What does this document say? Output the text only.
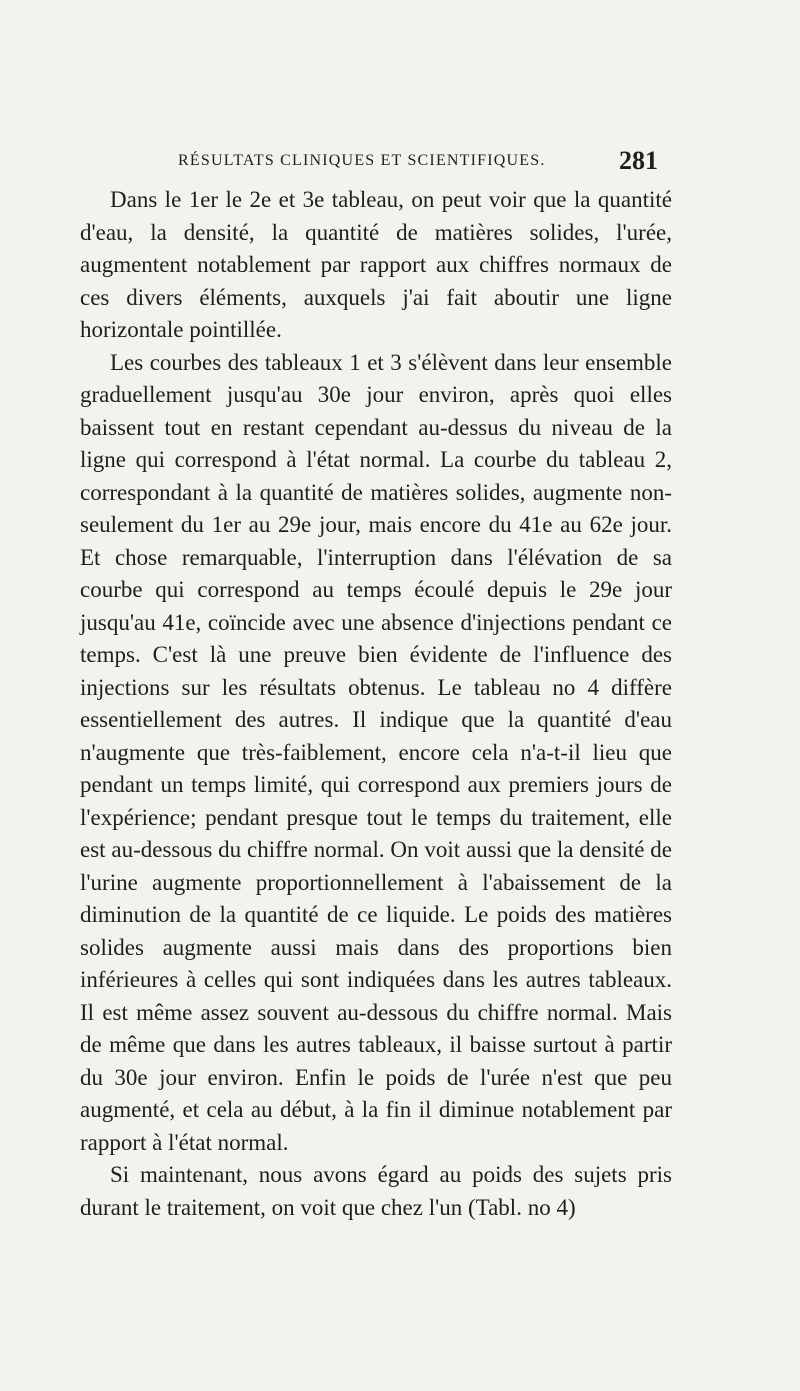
RÉSULTATS CLINIQUES ET SCIENTIFIQUES.	281

Dans le 1er le 2e et 3e tableau, on peut voir que la quantité d'eau, la densité, la quantité de matières solides, l'urée, augmentent notablement par rapport aux chiffres normaux de ces divers éléments, auxquels j'ai fait aboutir une ligne horizontale pointillée.

Les courbes des tableaux 1 et 3 s'élèvent dans leur ensemble graduellement jusqu'au 30e jour environ, après quoi elles baissent tout en restant cependant au-dessus du niveau de la ligne qui correspond à l'état normal. La courbe du tableau 2, correspondant à la quantité de matières solides, augmente non-seulement du 1er au 29e jour, mais encore du 41e au 62e jour. Et chose remarquable, l'interruption dans l'élévation de sa courbe qui correspond au temps écoulé depuis le 29e jour jusqu'au 41e, coïncide avec une absence d'injections pendant ce temps. C'est là une preuve bien évidente de l'influence des injections sur les résultats obtenus. Le tableau no 4 diffère essentiellement des autres. Il indique que la quantité d'eau n'augmente que très-faiblement, encore cela n'a-t-il lieu que pendant un temps limité, qui correspond aux premiers jours de l'expérience; pendant presque tout le temps du traitement, elle est au-dessous du chiffre normal. On voit aussi que la densité de l'urine augmente proportionnellement à l'abaissement de la diminution de la quantité de ce liquide. Le poids des matières solides augmente aussi mais dans des proportions bien inférieures à celles qui sont indiquées dans les autres tableaux. Il est même assez souvent au-dessous du chiffre normal. Mais de même que dans les autres tableaux, il baisse surtout à partir du 30e jour environ. Enfin le poids de l'urée n'est que peu augmenté, et cela au début, à la fin il diminue notablement par rapport à l'état normal.

Si maintenant, nous avons égard au poids des sujets pris durant le traitement, on voit que chez l'un (Tabl. no 4)
